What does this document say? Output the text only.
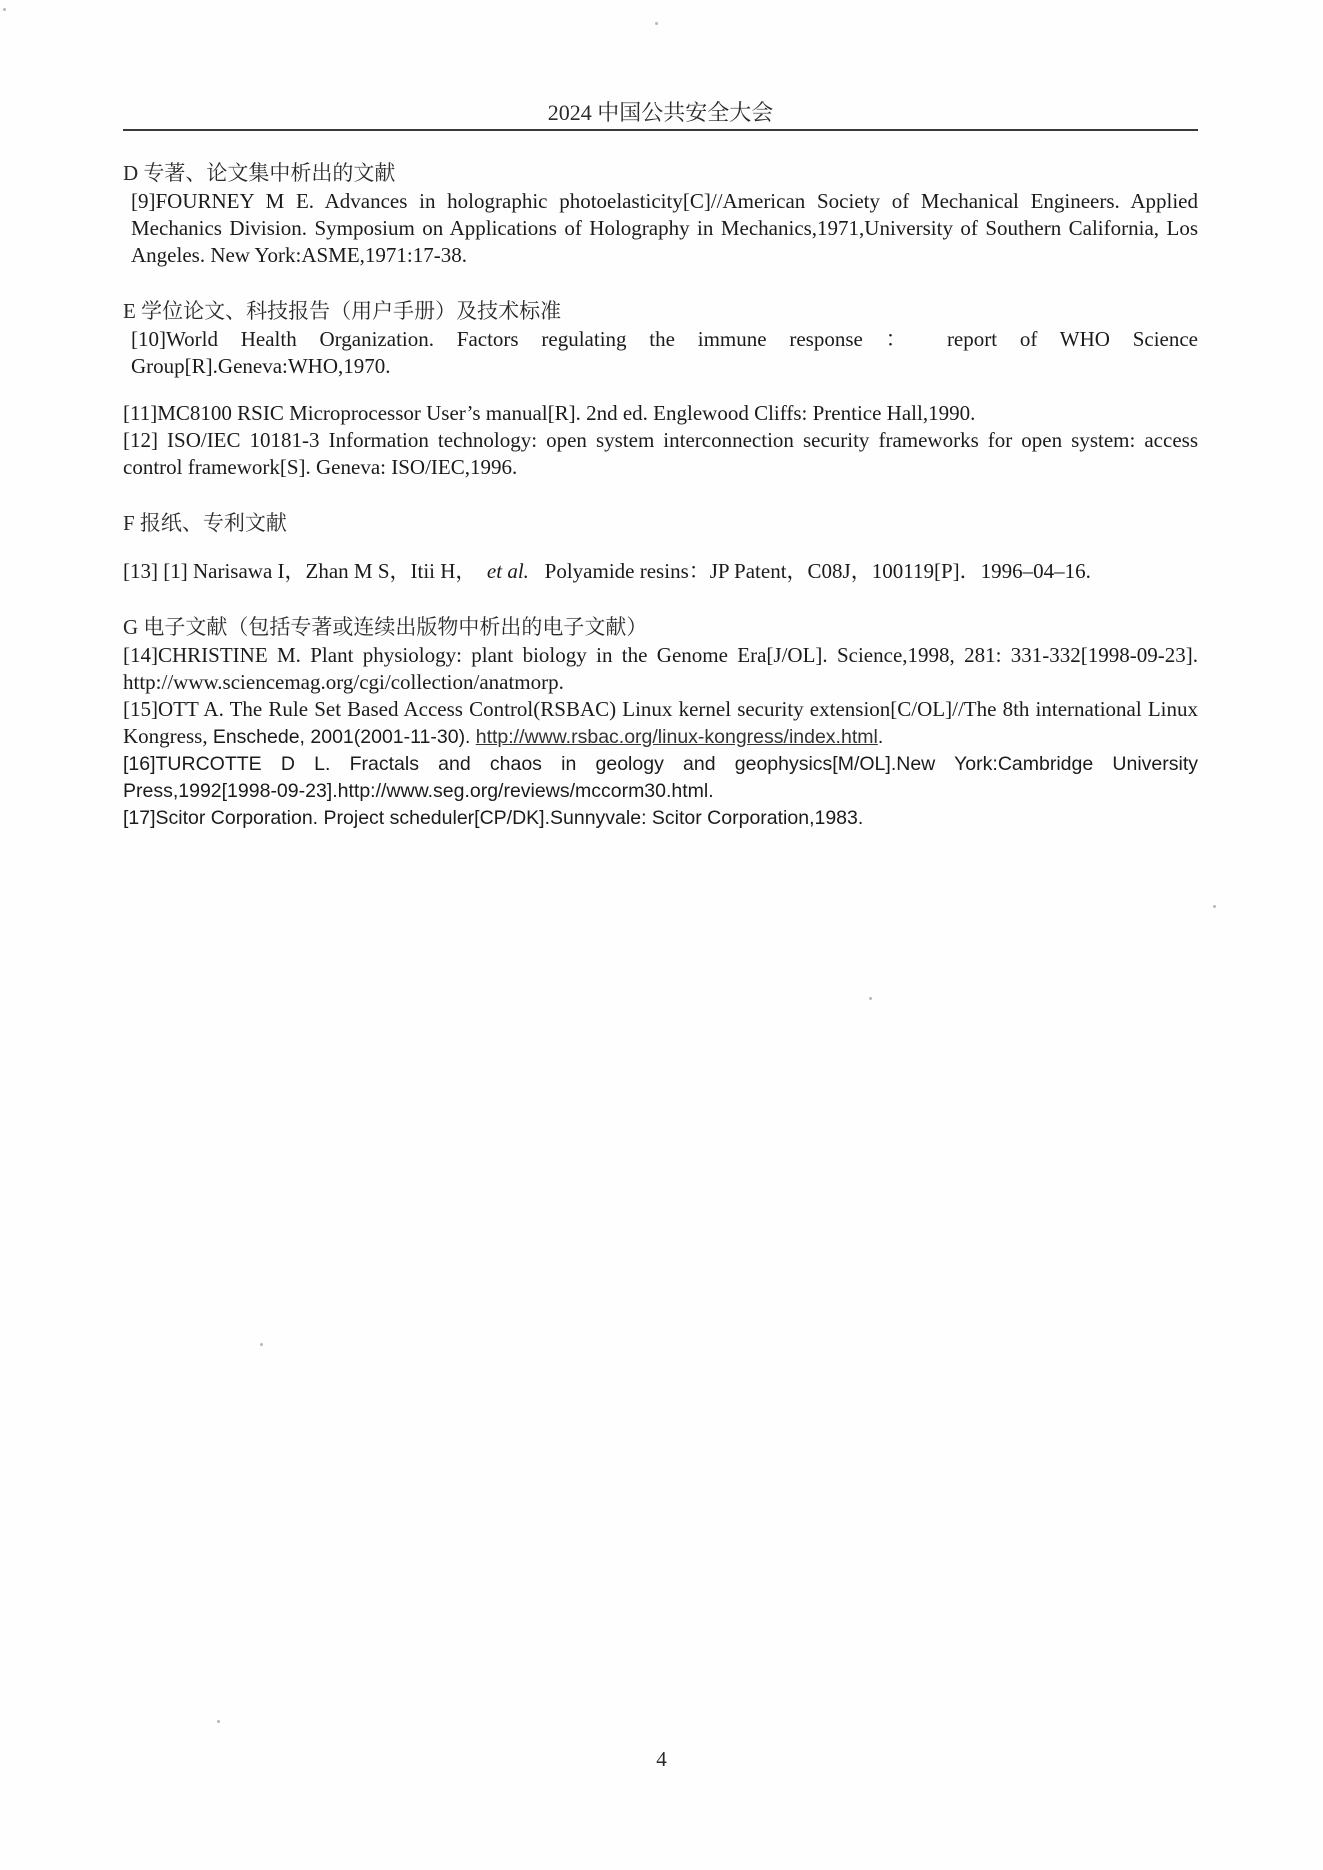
2024 中国公共安全大会

D 专著、论文集中析出的文献

[9]FOURNEY M E. Advances in holographic photoelasticity[C]//American Society of Mechanical Engineers. Applied Mechanics Division. Symposium on Applications of Holography in Mechanics,1971,University of Southern California, Los Angeles. New York:ASME,1971:17-38.

E 学位论文、科技报告（用户手册）及技术标准

[10]World Health Organization. Factors regulating the immune response ： report of WHO Science Group[R].Geneva:WHO,1970.

[11]MC8100 RSIC Microprocessor User’s manual[R]. 2nd ed. Englewood Cliffs: Prentice Hall,1990.

[12] ISO/IEC 10181-3 Information technology: open system interconnection security frameworks for open system: access control framework[S]. Geneva: ISO/IEC,1996.

F 报纸、专利文献

[13] [1] Narisawa I，Zhan M S，Itii H， et al. Polyamide resins：JP Patent，C08J，100119[P]．1996–04–16.

G 电子文献（包括专著或连续出版物中析出的电子文献）

[14]CHRISTINE M. Plant physiology: plant biology in the Genome Era[J/OL]. Science,1998, 281: 331-332[1998-09-23]. http://www.sciencemag.org/cgi/collection/anatmorp.

[15]OTT A. The Rule Set Based Access Control(RSBAC) Linux kernel security extension[C/OL]//The 8th international Linux Kongress, Enschede, 2001(2001-11-30). http://www.rsbac.org/linux-kongress/index.html.

[16]TURCOTTE D L. Fractals and chaos in geology and geophysics[M/OL].New York:Cambridge University Press,1992[1998-09-23].http://www.seg.org/reviews/mccorm30.html.

[17]Scitor Corporation. Project scheduler[CP/DK].Sunnyvale: Scitor Corporation,1983.

4
